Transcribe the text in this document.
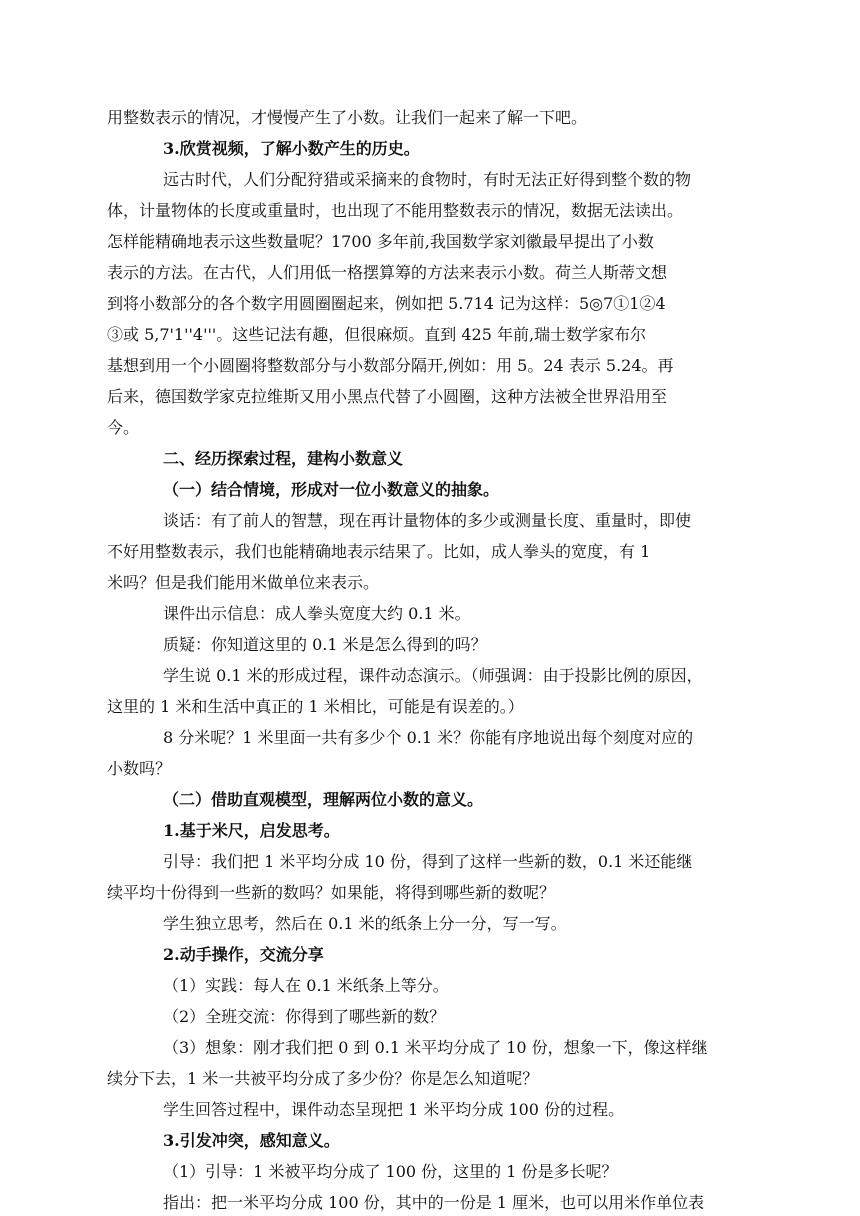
用整数表示的情况，才慢慢产生了小数。让我们一起来了解一下吧。
3.欣赏视频，了解小数产生的历史。
远古时代，人们分配狩猎或采摘来的食物时，有时无法正好得到整个数的物
体，计量物体的长度或重量时，也出现了不能用整数表示的情况，数据无法读出。
怎样能精确地表示这些数量呢？1700 多年前,我国数学家刘徽最早提出了小数
表示的方法。在古代，人们用低一格摆算筹的方法来表示小数。荷兰人斯蒂文想
到将小数部分的各个数字用圆圈圈起来，例如把 5.714 记为这样：5◎7①1②4
③或 5,7'1''4'''。这些记法有趣，但很麻烦。直到 425 年前,瑞士数学家布尔
基想到用一个小圆圈将整数部分与小数部分隔开,例如：用 5。24 表示 5.24。再
后来，德国数学家克拉维斯又用小黑点代替了小圆圈，这种方法被全世界沿用至
今。
二、经历探索过程，建构小数意义
（一）结合情境，形成对一位小数意义的抽象。
谈话：有了前人的智慧，现在再计量物体的多少或测量长度、重量时，即使
不好用整数表示，我们也能精确地表示结果了。比如，成人拳头的宽度，有 1
米吗？但是我们能用米做单位来表示。
课件出示信息：成人拳头宽度大约 0.1 米。
质疑：你知道这里的 0.1 米是怎么得到的吗？
学生说 0.1 米的形成过程，课件动态演示。（师强调：由于投影比例的原因，
这里的 1 米和生活中真正的 1 米相比，可能是有误差的。）
8 分米呢？1 米里面一共有多少个 0.1 米？你能有序地说出每个刻度对应的
小数吗？
（二）借助直观模型，理解两位小数的意义。
1.基于米尺，启发思考。
引导：我们把 1 米平均分成 10 份，得到了这样一些新的数，0.1 米还能继
续平均十份得到一些新的数吗？如果能，将得到哪些新的数呢？
学生独立思考，然后在 0.1 米的纸条上分一分，写一写。
2.动手操作，交流分享
（1）实践：每人在 0.1 米纸条上等分。
（2）全班交流：你得到了哪些新的数？
（3）想象：刚才我们把 0 到 0.1 米平均分成了 10 份，想象一下，像这样继
续分下去，1 米一共被平均分成了多少份？你是怎么知道呢？
学生回答过程中，课件动态呈现把 1 米平均分成 100 份的过程。
3.引发冲突，感知意义。
（1）引导：1 米被平均分成了 100 份，这里的 1 份是多长呢？
指出：把一米平均分成 100 份，其中的一份是 1 厘米，也可以用米作单位表
